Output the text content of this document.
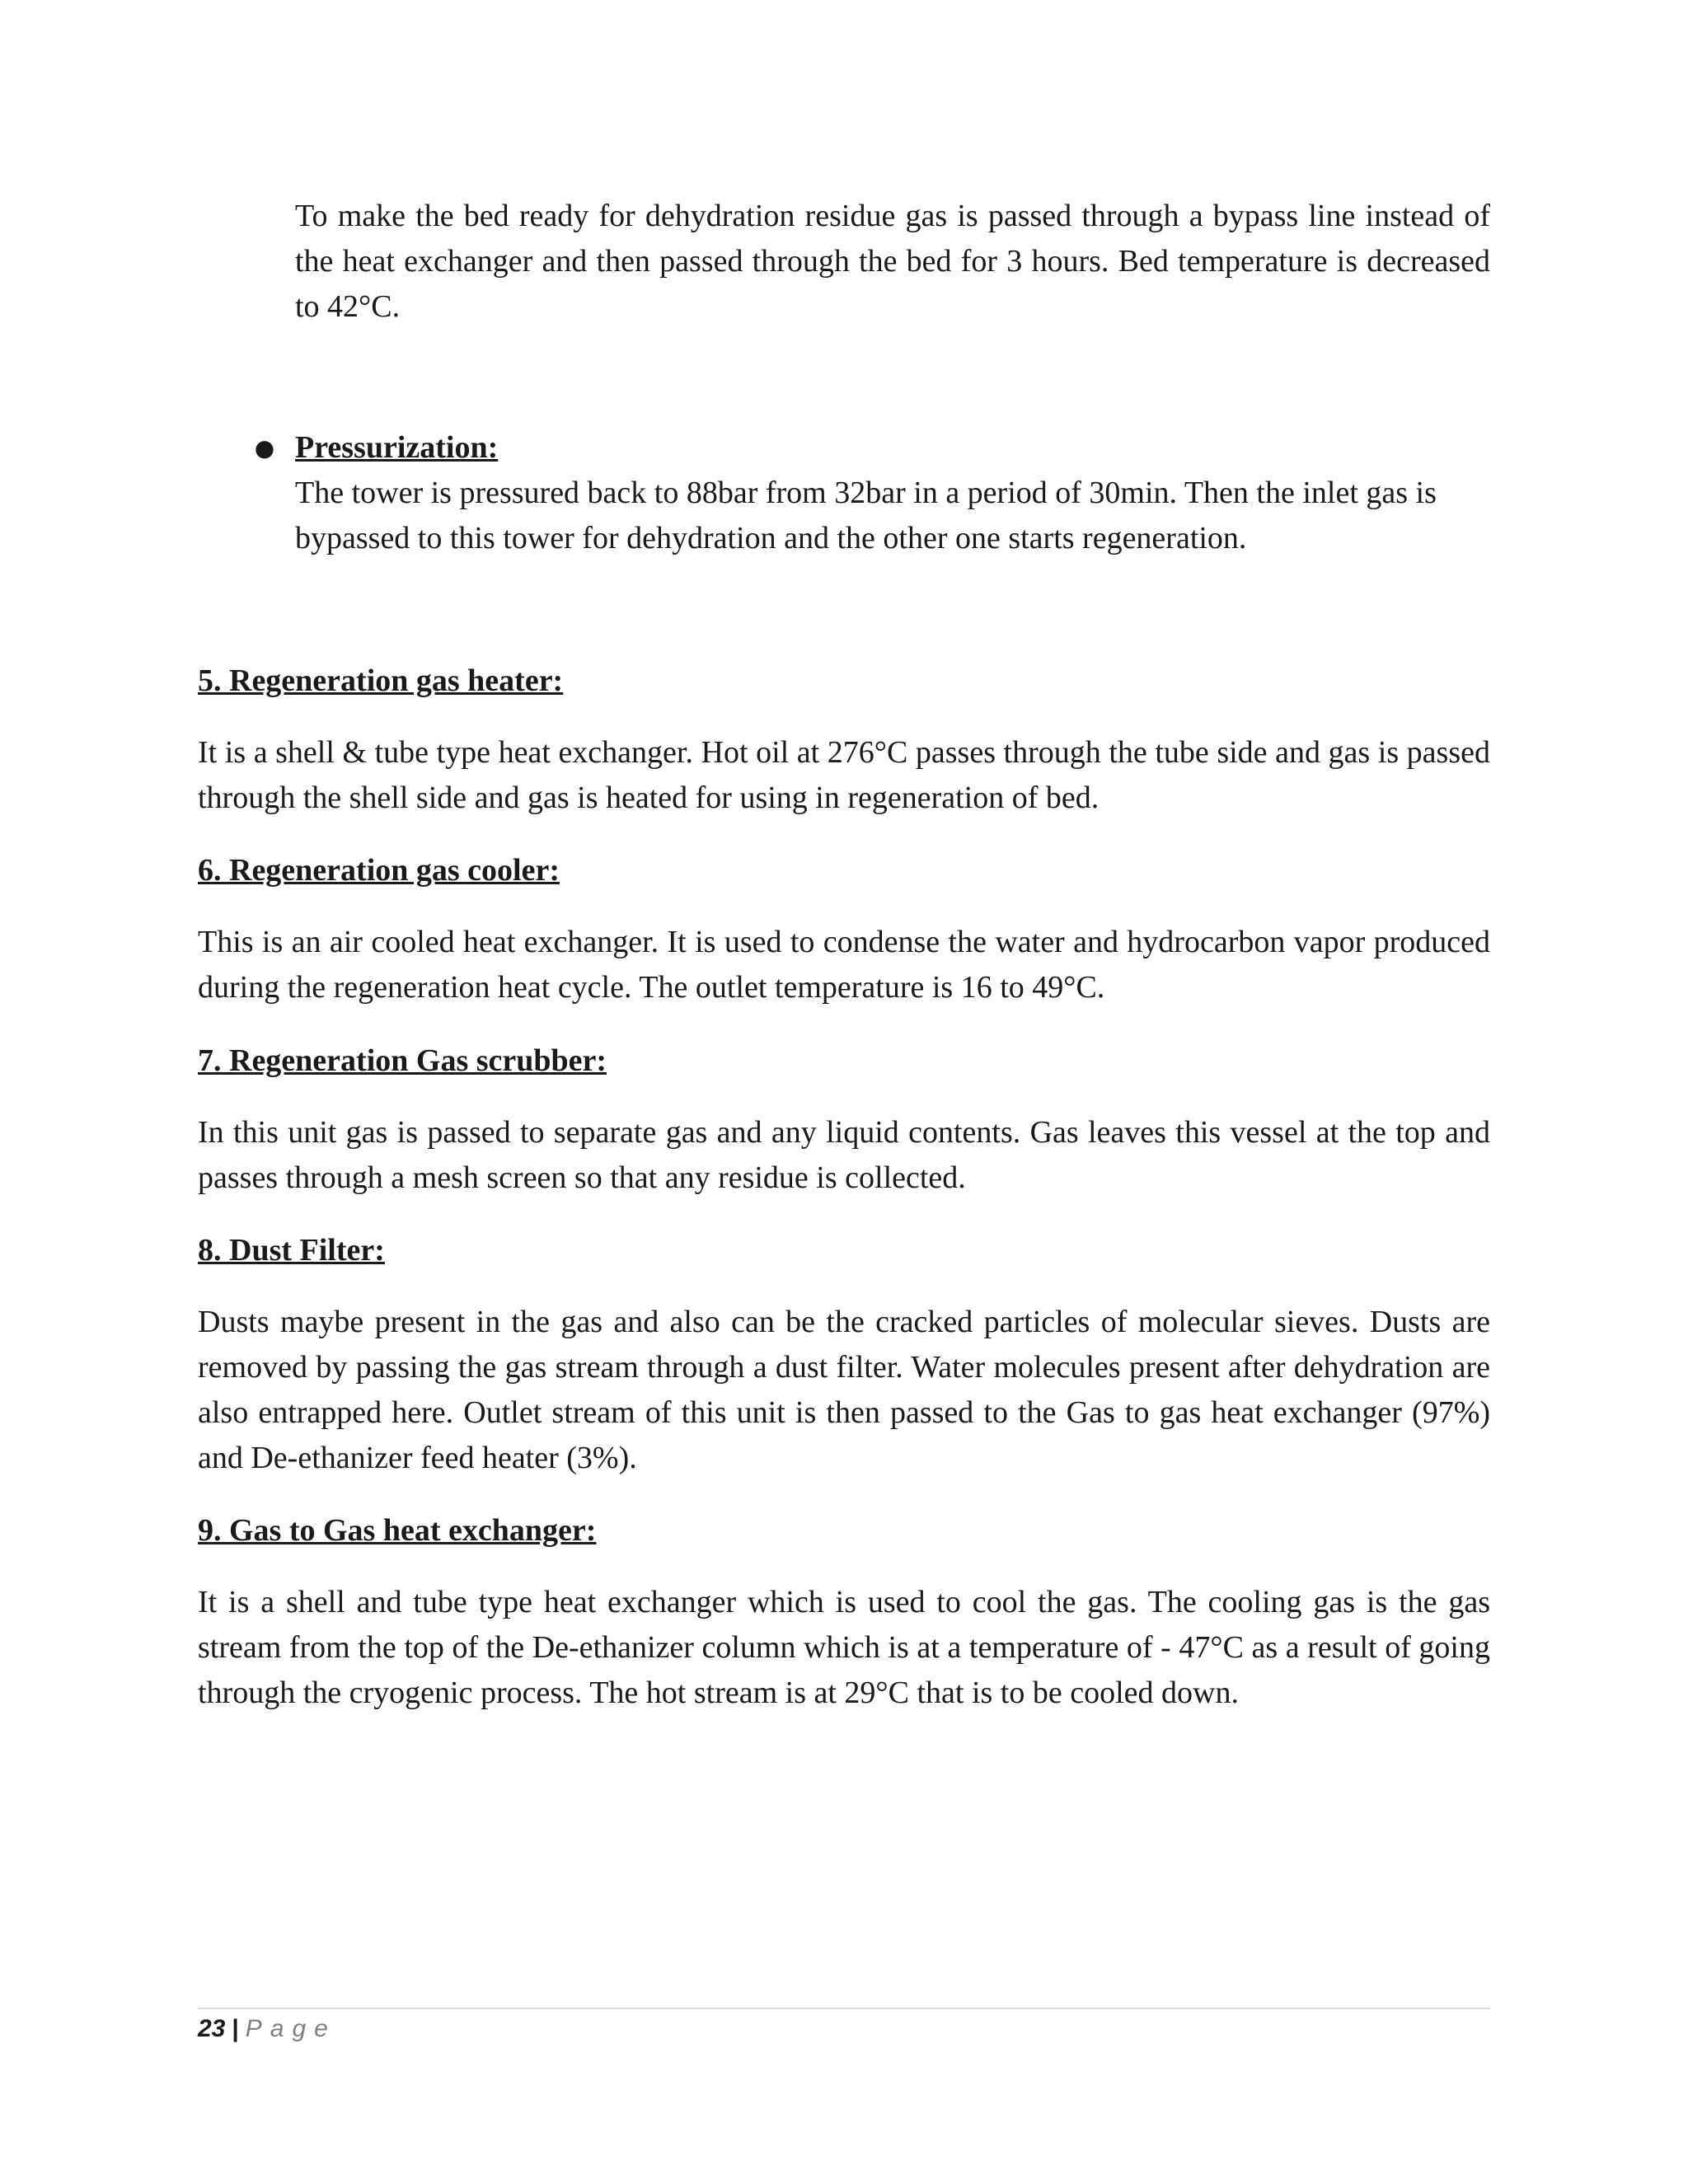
To make the bed ready for dehydration residue gas is passed through a bypass line instead of the heat exchanger and then passed through the bed for 3 hours. Bed temperature is decreased to 42°C.

● Pressurization:

The tower is pressured back to 88bar from 32bar in a period of 30min. Then the inlet gas is bypassed to this tower for dehydration and the other one starts regeneration.

5. Regeneration gas heater:

It is a shell & tube type heat exchanger. Hot oil at 276°C passes through the tube side and gas is passed through the shell side and gas is heated for using in regeneration of bed.

6. Regeneration gas cooler:

This is an air cooled heat exchanger. It is used to condense the water and hydrocarbon vapor produced during the regeneration heat cycle. The outlet temperature is 16 to 49°C.

7. Regeneration Gas scrubber:

In this unit gas is passed to separate gas and any liquid contents. Gas leaves this vessel at the top and passes through a mesh screen so that any residue is collected.

8. Dust Filter:

Dusts maybe present in the gas and also can be the cracked particles of molecular sieves. Dusts are removed by passing the gas stream through a dust filter. Water molecules present after dehydration are also entrapped here. Outlet stream of this unit is then passed to the Gas to gas heat exchanger (97%) and De-ethanizer feed heater (3%).

9. Gas to Gas heat exchanger:

It is a shell and tube type heat exchanger which is used to cool the gas. The cooling gas is the gas stream from the top of the De-ethanizer column which is at a temperature of - 47°C as a result of going through the cryogenic process. The hot stream is at 29°C that is to be cooled down.

23 | Page
